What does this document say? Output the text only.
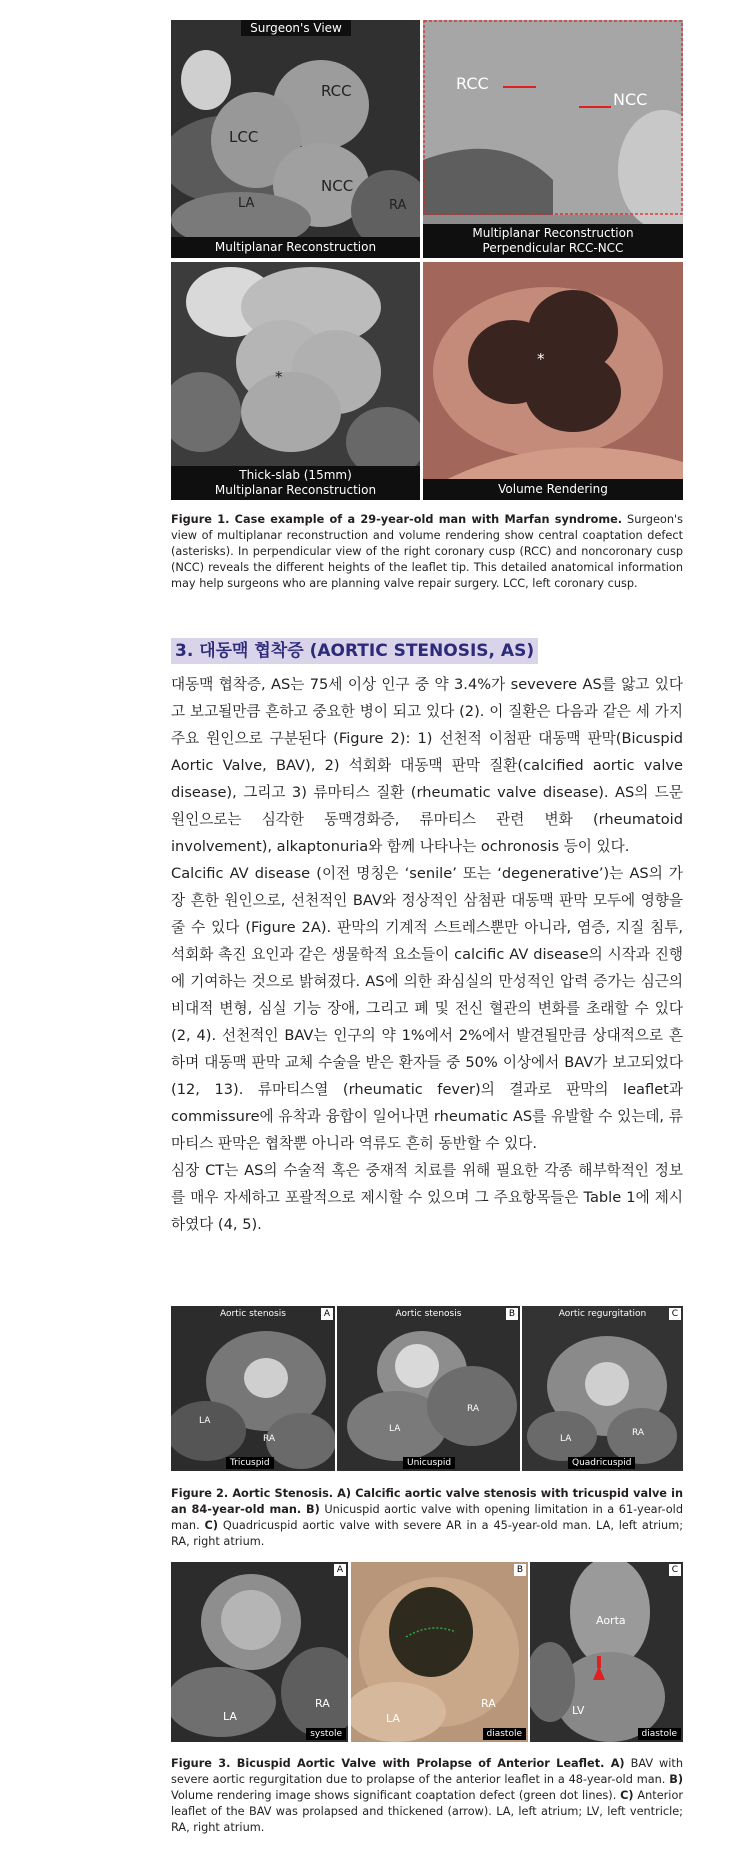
Surgeon's View
RCC
LCC
NCC
LA	RA
Multiplanar Reconstruction
RCC
NCC
Multiplanar Reconstruction
Perpendicular RCC-NCC
*
Thick-slab (15mm)
Multiplanar Reconstruction
*
Volume Rendering
Figure 1. Case example of a 29-year-old man with Marfan syndrome. Surgeon's view of multiplanar reconstruction and volume rendering show central coaptation defect (asterisks). In perpendicular view of the right coronary cusp (RCC) and noncoronary cusp (NCC) reveals the different heights of the leaflet tip. This detailed anatomical information may help surgeons who are planning valve repair surgery. LCC, left coronary cusp.
3. 대동맥 협착증 (AORTIC STENOSIS, AS)

대동맥 협착증, AS는 75세 이상 인구 중 약 3.4%가 sevevere AS를 앓고 있다고 보고될만큼 흔하고 중요한 병이 되고 있다 (2). 이 질환은 다음과 같은 세 가지 주요 원인으로 구분된다 (Figure 2): 1) 선천적 이첨판 대동맥 판막(Bicuspid Aortic Valve, BAV), 2) 석회화 대동맥 판막 질환(calcified aortic valve disease), 그리고 3) 류마티스 질환 (rheumatic valve disease). AS의 드문 원인으로는 심각한 동맥경화증, 류마티스 관련 변화 (rheumatoid involvement), alkaptonuria와 함께 나타나는 ochronosis 등이 있다.

Calcific AV disease (이전 명칭은 ‘senile’ 또는 ‘degenerative’)는 AS의 가장 흔한 원인으로, 선천적인 BAV와 정상적인 삼첨판 대동맥 판막 모두에 영향을 줄 수 있다 (Figure 2A). 판막의 기계적 스트레스뿐만 아니라, 염증, 지질 침투, 석회화 촉진 요인과 같은 생물학적 요소들이 calcific AV disease의 시작과 진행에 기여하는 것으로 밝혀졌다. AS에 의한 좌심실의 만성적인 압력 증가는 심근의 비대적 변형, 심실 기능 장애, 그리고 폐 및 전신 혈관의 변화를 초래할 수 있다 (2, 4). 선천적인 BAV는 인구의 약 1%에서 2%에서 발견될만큼 상대적으로 흔하며 대동맥 판막 교체 수술을 받은 환자들 중 50% 이상에서 BAV가 보고되었다 (12, 13). 류마티스열 (rheumatic fever)의 결과로 판막의 leaflet과 commissure에 유착과 융합이 일어나면 rheumatic AS를 유발할 수 있는데, 류마티스 판막은 협착뿐 아니라 역류도 흔히 동반할 수 있다.

심장 CT는 AS의 수술적 혹은 중재적 치료를 위해 필요한 각종 해부학적인 정보를 매우 자세하고 포괄적으로 제시할 수 있으며 그 주요항목들은 Table 1에 제시하였다 (4, 5).

Aortic stenosis	A
LA
RA
Tricuspid
Aortic stenosis	B
LA
RA
Unicuspid
Aortic regurgitation	C
LA
RA
Quadricuspid
Figure 2. Aortic Stenosis. A) Calcific aortic valve stenosis with tricuspid valve in an 84-year-old man. B) Unicuspid aortic valve with opening limitation in a 61-year-old man. C) Quadricuspid aortic valve with severe AR in a 45-year-old man. LA, left atrium; RA, right atrium.
A
LA
RA
systole
B
LA
RA
diastole
C
Aorta
LV
diastole
Figure 3. Bicuspid Aortic Valve with Prolapse of Anterior Leaflet. A) BAV with severe aortic regurgitation due to prolapse of the anterior leaflet in a 48-year-old man. B) Volume rendering image shows significant coaptation defect (green dot lines). C) Anterior leaflet of the BAV was prolapsed and thickened (arrow). LA, left atrium; LV, left ventricle; RA, right atrium.
